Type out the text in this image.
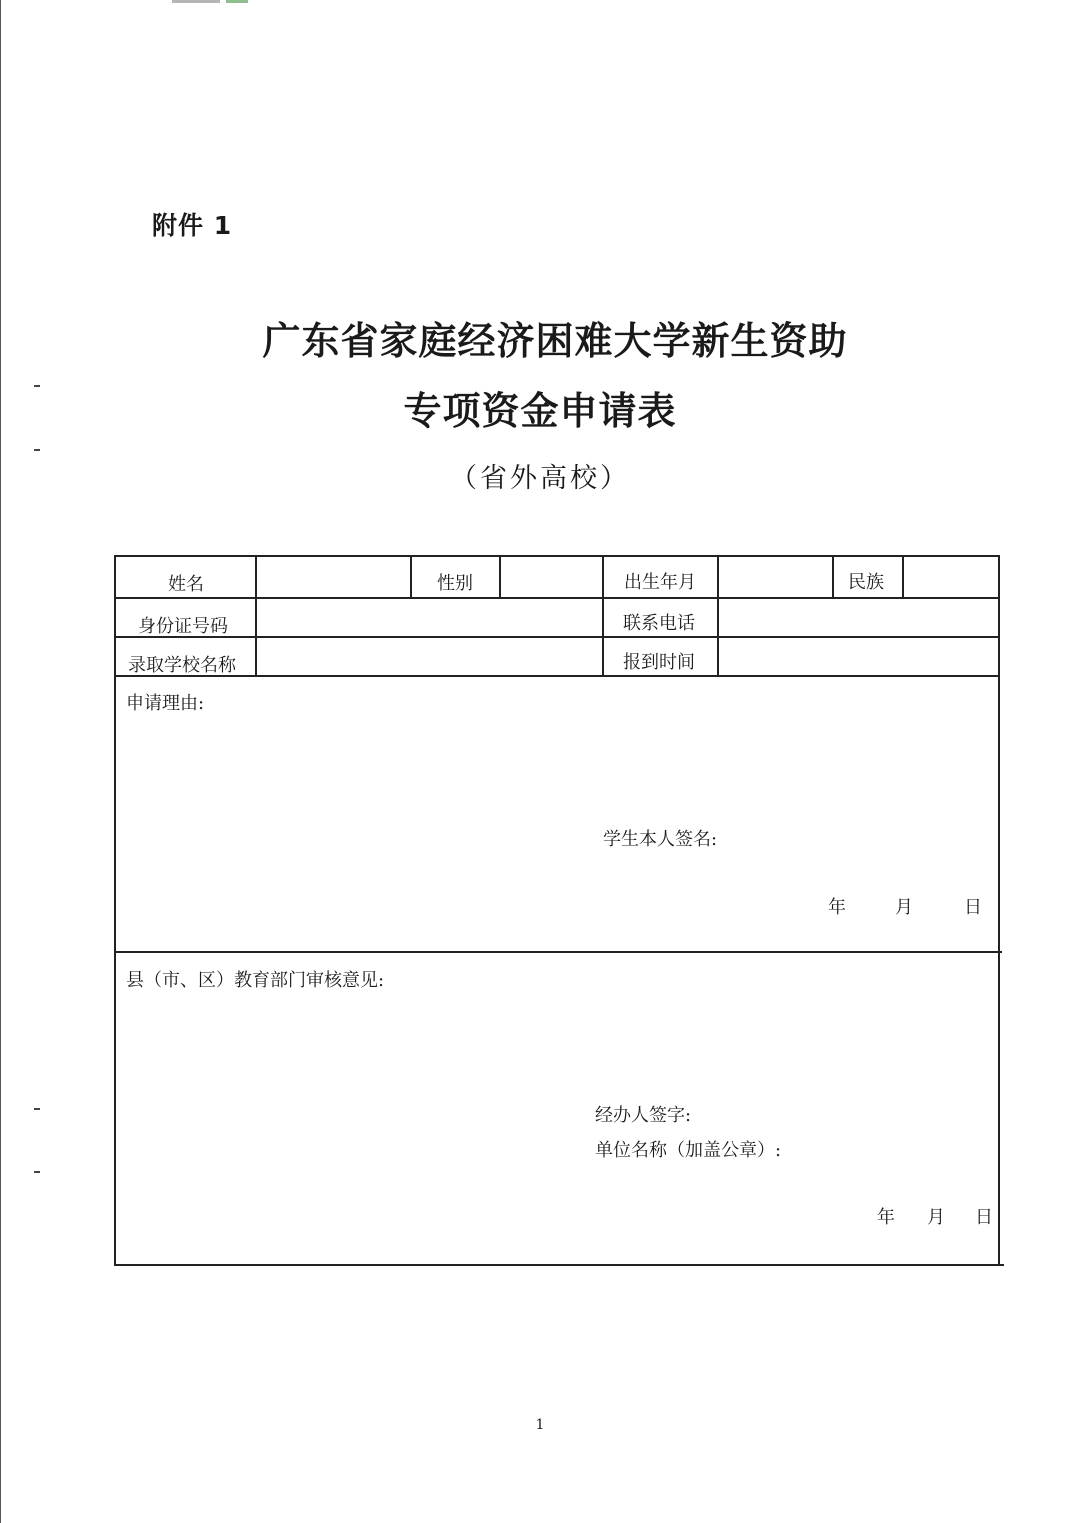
附件 1
广东省家庭经济困难大学新生资助
专项资金申请表
（省外高校）
姓名	性别	出生年月	民族
身份证号码	联系电话
录取学校名称	报到时间
申请理由:
学生本人签名:
年	月	日
县（市、区）教育部门审核意见:
经办人签字:
单位名称（加盖公章）:
年 月 日
1
